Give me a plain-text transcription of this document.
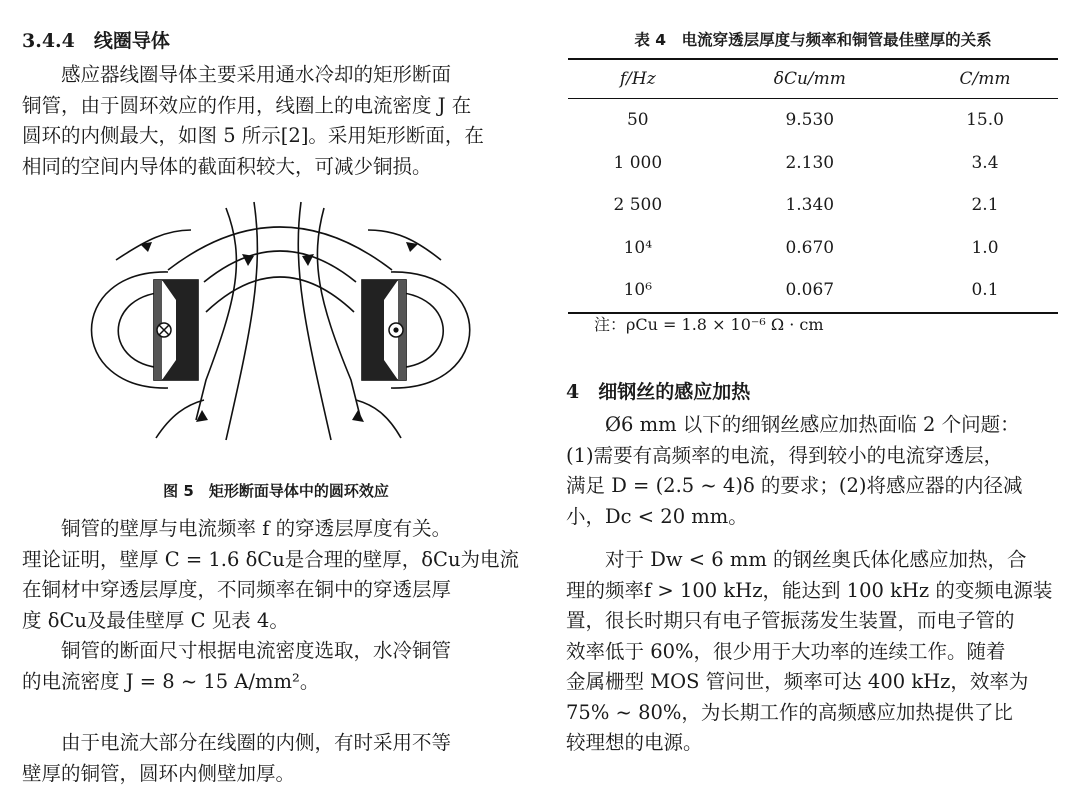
3.4.4　线圈导体
感应器线圈导体主要采用通水冷却的矩形断面
铜管，由于圆环效应的作用，线圈上的电流密度 J 在
圆环的内侧最大，如图 5 所示[2]。采用矩形断面，在
相同的空间内导体的截面积较大，可减少铜损。
图 5　矩形断面导体中的圆环效应
铜管的壁厚与电流频率 f 的穿透层厚度有关。
理论证明，壁厚 C = 1.6 δCu是合理的壁厚，δCu为电流
在铜材中穿透层厚度，不同频率在铜中的穿透层厚
度 δCu及最佳壁厚 C 见表 4。
铜管的断面尺寸根据电流密度选取，水冷铜管
的电流密度 J = 8 ~ 15 A/mm²。
由于电流大部分在线圈的内侧，有时采用不等
壁厚的铜管，圆环内侧壁加厚。
表 4　电流穿透层厚度与频率和铜管最佳壁厚的关系
f/Hz	δCu/mm	C/mm
50	9.530	15.0
1 000	2.130	3.4
2 500	1.340	2.1
10⁴	0.670	1.0
10⁶	0.067	0.1
注：ρCu = 1.8 × 10⁻⁶ Ω · cm
4　细钢丝的感应加热
Ø6 mm 以下的细钢丝感应加热面临 2 个问题：
(1)需要有高频率的电流，得到较小的电流穿透层，
满足 D = (2.5 ~ 4)δ 的要求；(2)将感应器的内径减
小，Dc < 20 mm。
对于 Dw < 6 mm 的钢丝奥氏体化感应加热，合
理的频率f > 100 kHz，能达到 100 kHz 的变频电源装
置，很长时期只有电子管振荡发生装置，而电子管的
效率低于 60%，很少用于大功率的连续工作。随着
金属栅型 MOS 管问世，频率可达 400 kHz，效率为
75% ~ 80%，为长期工作的高频感应加热提供了比
较理想的电源。
